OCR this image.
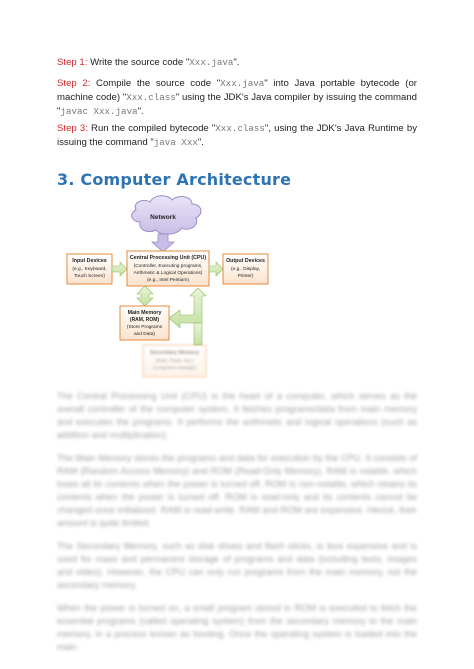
Step 1: Write the source code "Xxx.java".
Step 2: Compile the source code "Xxx.java" into Java portable bytecode (or machine code) "Xxx.class" using the JDK's Java compiler by issuing the command "javac Xxx.java".
Step 3: Run the compiled bytecode "Xxx.class", using the JDK's Java Runtime by issuing the command "java Xxx".
3. Computer Architecture
Network
Input Devices
(e.g., Keyboard,
Touch Screen)
Central Processing Unit (CPU)
(Controller, Executing programs,
Arithmetic & Logical Operations)
(e.g., Intel Pentium)
Output Devices
(e.g., Display,
Printer)
Main Memory
(RAM, ROM)
(Store Programs
and Data)
Secondary Memory
(Disk, Flash, etc.)
(Long-term storage)

The Central Processing Unit (CPU) is the heart of a computer, which serves as the overall controller of the computer system. It fetches programs/data from main memory and executes the programs. It performs the arithmetic and logical operations (such as addition and multiplication).

The Main Memory stores the programs and data for execution by the CPU. It consists of RAM (Random Access Memory) and ROM (Read-Only Memory). RAM is volatile, which loses all its contents when the power is turned off. ROM is non-volatile, which retains its contents when the power is turned off. ROM is read-only and its contents cannot be changed once initialized. RAM is read-write. RAM and ROM are expensive. Hence, their amount is quite limited.

The Secondary Memory, such as disk drives and flash sticks, is less expensive and is used for mass and permanent storage of programs and data (including texts, images and video). However, the CPU can only run programs from the main memory, not the secondary memory.

When the power is turned on, a small program stored in ROM is executed to fetch the essential programs (called operating system) from the secondary memory to the main memory, in a process known as booting. Once the operating system is loaded into the main
